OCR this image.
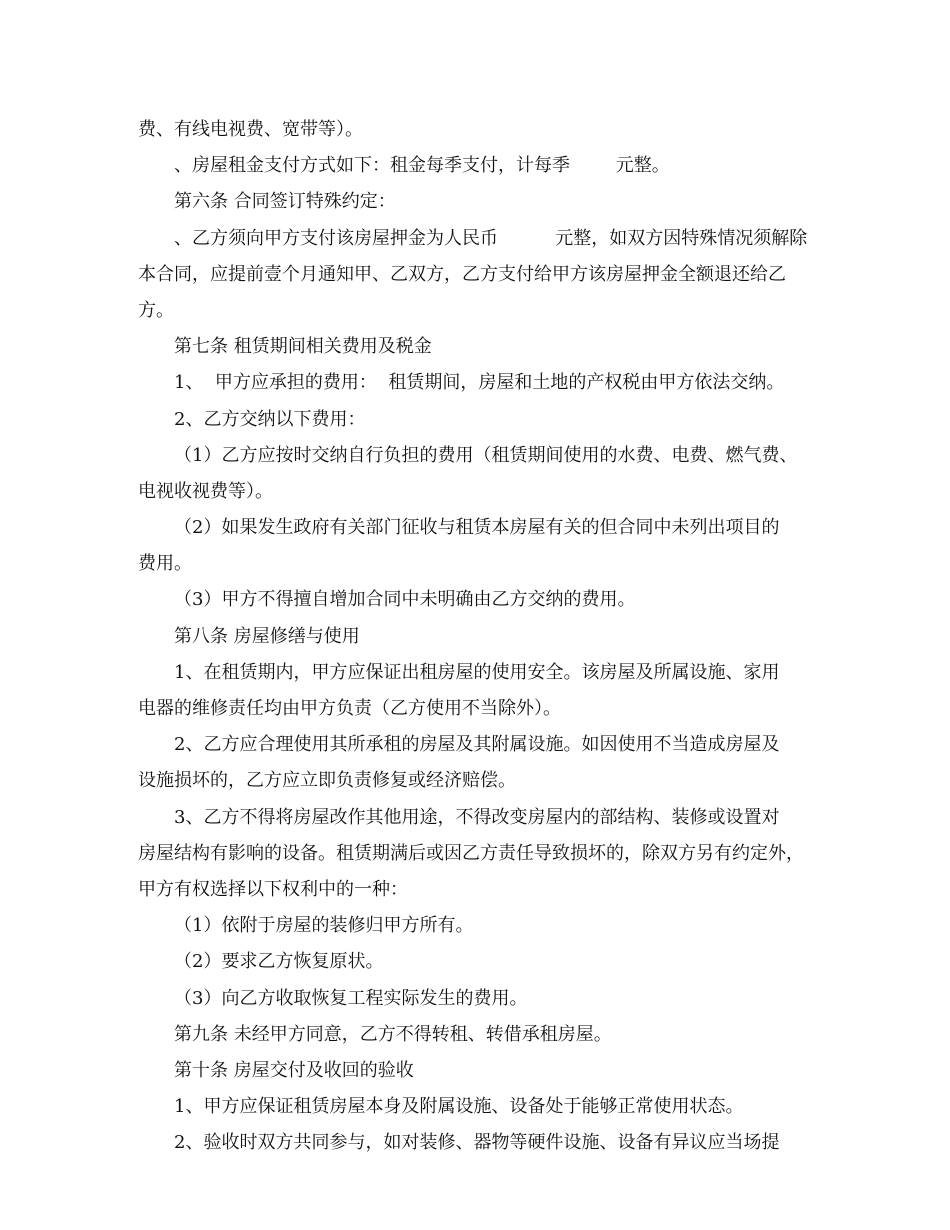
费、有线电视费、宽带等）。

、房屋租金支付方式如下：租金每季支付，计每季        元整。

第六条 合同签订特殊约定：

、乙方须向甲方支付该房屋押金为人民币          元整，如双方因特殊情况须解除

本合同，应提前壹个月通知甲、乙双方，乙方支付给甲方该房屋押金全额退还给乙

方。

第七条 租赁期间相关费用及税金

1、  甲方应承担的费用：  租赁期间，房屋和土地的产权税由甲方依法交纳。

2、乙方交纳以下费用：

（1）乙方应按时交纳自行负担的费用（租赁期间使用的水费、电费、燃气费、

电视收视费等）。

（2）如果发生政府有关部门征收与租赁本房屋有关的但合同中未列出项目的

费用。

（3）甲方不得擅自增加合同中未明确由乙方交纳的费用。

第八条 房屋修缮与使用

1、在租赁期内，甲方应保证出租房屋的使用安全。该房屋及所属设施、家用

电器的维修责任均由甲方负责（乙方使用不当除外）。

2、乙方应合理使用其所承租的房屋及其附属设施。如因使用不当造成房屋及

设施损坏的，乙方应立即负责修复或经济赔偿。

3、乙方不得将房屋改作其他用途，不得改变房屋内的部结构、装修或设置对

房屋结构有影响的设备。租赁期满后或因乙方责任导致损坏的，除双方另有约定外，

甲方有权选择以下权利中的一种：

（1）依附于房屋的装修归甲方所有。

（2）要求乙方恢复原状。

（3）向乙方收取恢复工程实际发生的费用。

第九条 未经甲方同意，乙方不得转租、转借承租房屋。

第十条 房屋交付及收回的验收

1、甲方应保证租赁房屋本身及附属设施、设备处于能够正常使用状态。

2、验收时双方共同参与，如对装修、器物等硬件设施、设备有异议应当场提
